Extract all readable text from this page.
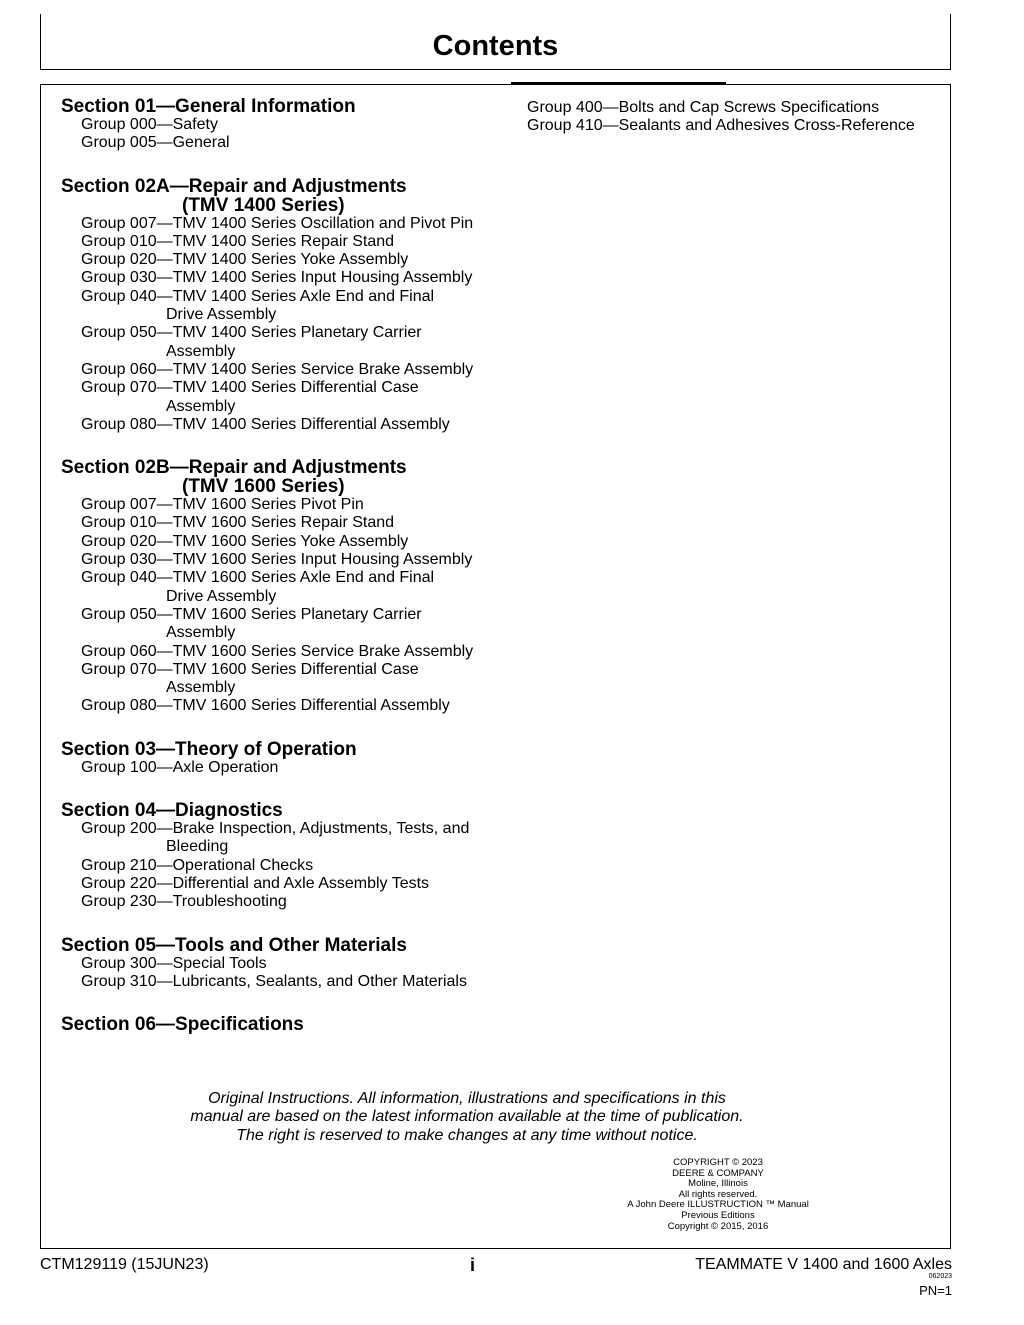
Contents
Section 01—General Information
Group 000—Safety
Group 005—General
Section 02A—Repair and Adjustments
(TMV 1400 Series)
Group 007—TMV 1400 Series Oscillation and Pivot Pin
Group 010—TMV 1400 Series Repair Stand
Group 020—TMV 1400 Series Yoke Assembly
Group 030—TMV 1400 Series Input Housing Assembly
Group 040—TMV 1400 Series Axle End and Final
Drive Assembly
Group 050—TMV 1400 Series Planetary Carrier
Assembly
Group 060—TMV 1400 Series Service Brake Assembly
Group 070—TMV 1400 Series Differential Case
Assembly
Group 080—TMV 1400 Series Differential Assembly
Section 02B—Repair and Adjustments
(TMV 1600 Series)
Group 007—TMV 1600 Series Pivot Pin
Group 010—TMV 1600 Series Repair Stand
Group 020—TMV 1600 Series Yoke Assembly
Group 030—TMV 1600 Series Input Housing Assembly
Group 040—TMV 1600 Series Axle End and Final
Drive Assembly
Group 050—TMV 1600 Series Planetary Carrier
Assembly
Group 060—TMV 1600 Series Service Brake Assembly
Group 070—TMV 1600 Series Differential Case
Assembly
Group 080—TMV 1600 Series Differential Assembly
Section 03—Theory of Operation
Group 100—Axle Operation
Section 04—Diagnostics
Group 200—Brake Inspection, Adjustments, Tests, and
Bleeding
Group 210—Operational Checks
Group 220—Differential and Axle Assembly Tests
Group 230—Troubleshooting
Section 05—Tools and Other Materials
Group 300—Special Tools
Group 310—Lubricants, Sealants, and Other Materials
Section 06—Specifications
Group 400—Bolts and Cap Screws Specifications
Group 410—Sealants and Adhesives Cross-Reference
Original Instructions. All information, illustrations and specifications in this
manual are based on the latest information available at the time of publication.
The right is reserved to make changes at any time without notice.
COPYRIGHT © 2023
DEERE & COMPANY
Moline, Illinois
All rights reserved.
A John Deere ILLUSTRUCTION ™ Manual
Previous Editions
Copyright © 2015, 2016
CTM129119 (15JUN23)	i	TEAMMATE V 1400 and 1600 Axles
062023
PN=1
